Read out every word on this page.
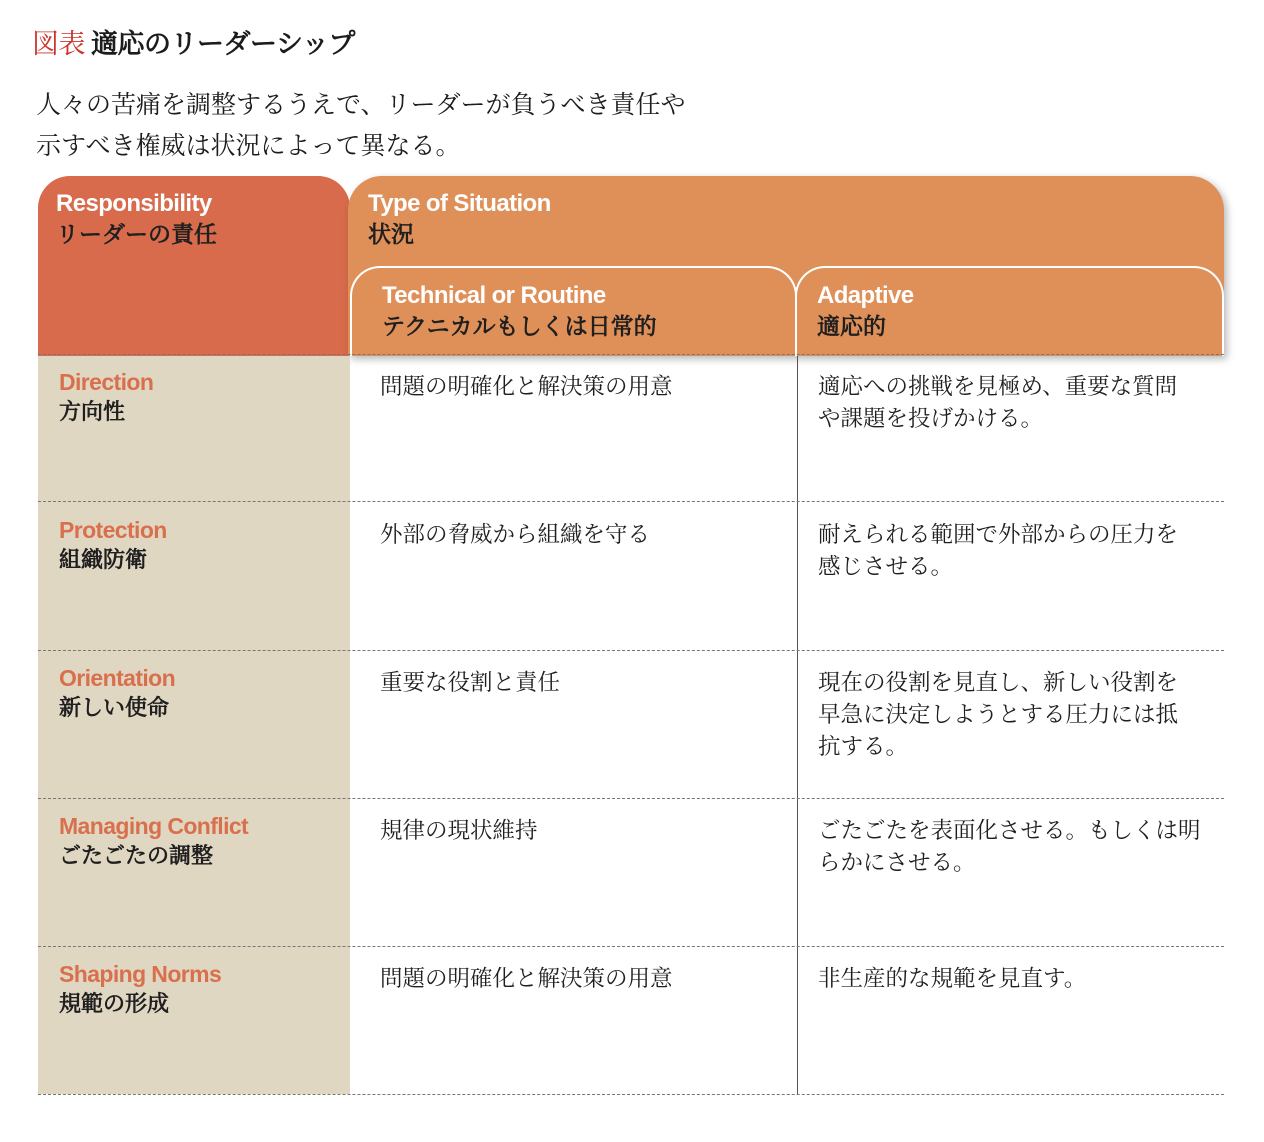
図表 適応のリーダーシップ
人々の苦痛を調整するうえで、リーダーが負うべき責任や
示すべき権威は状況によって異なる。
Responsibility
リーダーの責任
Type of Situation
状況
Technical or Routine
テクニカルもしくは日常的
Adaptive
適応的
Direction
方向性
問題の明確化と解決策の用意	適応への挑戦を見極め、重要な質問
や課題を投げかける。
Protection
組織防衛
外部の脅威から組織を守る	耐えられる範囲で外部からの圧力を
感じさせる。
Orientation
新しい使命
重要な役割と責任	現在の役割を見直し、新しい役割を
早急に決定しようとする圧力には抵
抗する。
Managing Conflict
ごたごたの調整
規律の現状維持	ごたごたを表面化させる。もしくは明
らかにさせる。
Shaping Norms
規範の形成
問題の明確化と解決策の用意	非生産的な規範を見直す。
